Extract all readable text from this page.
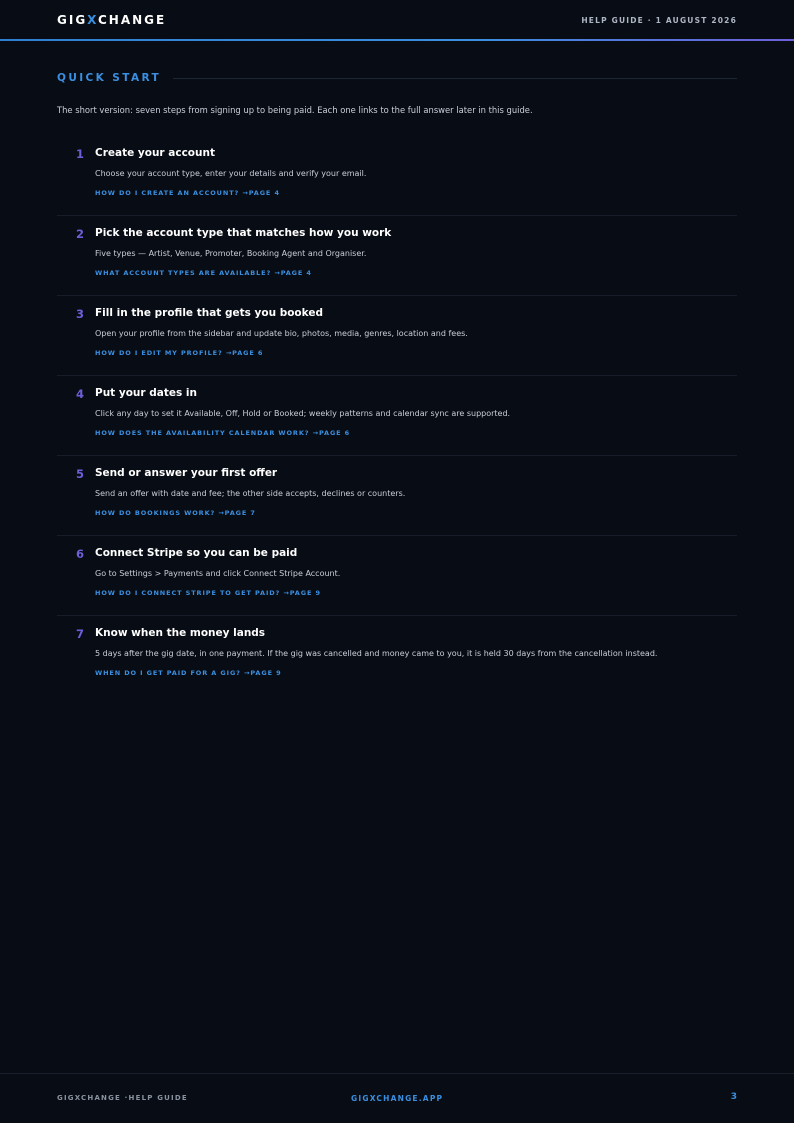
GIGXCHANGE	HELP GUIDE · 1 AUGUST 2026
QUICK START
The short version: seven steps from signing up to being paid. Each one links to the full answer later in this guide.
1 Create your account
Choose your account type, enter your details and verify your email.
HOW DO I CREATE AN ACCOUNT? →PAGE 4
2 Pick the account type that matches how you work
Five types — Artist, Venue, Promoter, Booking Agent and Organiser.
WHAT ACCOUNT TYPES ARE AVAILABLE? →PAGE 4
3 Fill in the profile that gets you booked
Open your profile from the sidebar and update bio, photos, media, genres, location and fees.
HOW DO I EDIT MY PROFILE? →PAGE 6
4 Put your dates in
Click any day to set it Available, Off, Hold or Booked; weekly patterns and calendar sync are supported.
HOW DOES THE AVAILABILITY CALENDAR WORK? →PAGE 6
5 Send or answer your first offer
Send an offer with date and fee; the other side accepts, declines or counters.
HOW DO BOOKINGS WORK? →PAGE 7
6 Connect Stripe so you can be paid
Go to Settings > Payments and click Connect Stripe Account.
HOW DO I CONNECT STRIPE TO GET PAID? →PAGE 9
7 Know when the money lands
5 days after the gig date, in one payment. If the gig was cancelled and money came to you, it is held 30 days from the cancellation instead.
WHEN DO I GET PAID FOR A GIG? →PAGE 9
GIGXCHANGE ·HELP GUIDE	GIGXCHANGE.APP	3
